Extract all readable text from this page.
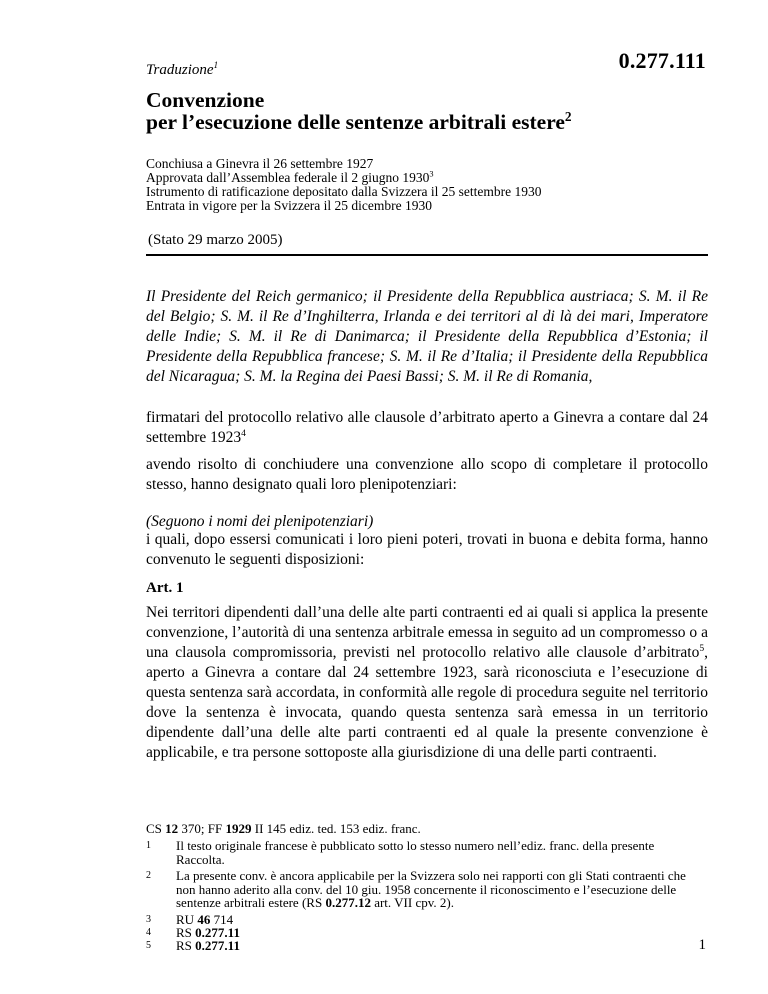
Traduzione$^1$	0.277.111
Convenzione
per l’esecuzione delle sentenze arbitrali estere$^2$
Conchiusa a Ginevra il 26 settembre 1927
Approvata dall’Assemblea federale il 2 giugno 1930$^3$
Istrumento di ratificazione depositato dalla Svizzera il 25 settembre 1930
Entrata in vigore per la Svizzera il 25 dicembre 1930
(Stato 29 marzo 2005)
Il Presidente del Reich germanico; il Presidente della Repubblica austriaca; S. M. il Re del Belgio; S. M. il Re d’Inghilterra, Irlanda e dei territori al di là dei mari, Imperatore delle Indie; S. M. il Re di Danimarca; il Presidente della Repubblica d’Estonia; il Presidente della Repubblica francese; S. M. il Re d’Italia; il Presidente della Repubblica del Nicaragua; S. M. la Regina dei Paesi Bassi; S. M. il Re di Romania,
firmatari del protocollo relativo alle clausole d’arbitrato aperto a Ginevra a contare dal 24 settembre 1923$^4$
avendo risolto di conchiudere una convenzione allo scopo di completare il protocollo stesso, hanno designato quali loro plenipotenziari:
(Seguono i nomi dei plenipotenziari)
i quali, dopo essersi comunicati i loro pieni poteri, trovati in buona e debita forma, hanno convenuto le seguenti disposizioni:
Art. 1
Nei territori dipendenti dall’una delle alte parti contraenti ed ai quali si applica la presente convenzione, l’autorità di una sentenza arbitrale emessa in seguito ad un compromesso o a una clausola compromissoria, previsti nel protocollo relativo alle clausole d’arbitrato$^5$, aperto a Ginevra a contare dal 24 settembre 1923, sarà riconosciuta e l’esecuzione di questa sentenza sarà accordata, in conformità alle regole di procedura seguite nel territorio dove la sentenza è invocata, quando questa sentenza sarà emessa in un territorio dipendente dall’una delle alte parti contraenti ed al quale la presente convenzione è applicabile, e tra persone sottoposte alla giurisdizione di una delle parti contraenti.
CS 12 370; FF 1929 II 145 ediz. ted. 153 ediz. franc.
1 Il testo originale francese è pubblicato sotto lo stesso numero nell’ediz. franc. della presente Raccolta.
2 La presente conv. è ancora applicabile per la Svizzera solo nei rapporti con gli Stati contraenti che non hanno aderito alla conv. del 10 giu. 1958 concernente il riconoscimento e l’esecuzione delle sentenze arbitrali estere (RS 0.277.12 art. VII cpv. 2).
3 RU 46 714
4 RS 0.277.11
5 RS 0.277.11	1
